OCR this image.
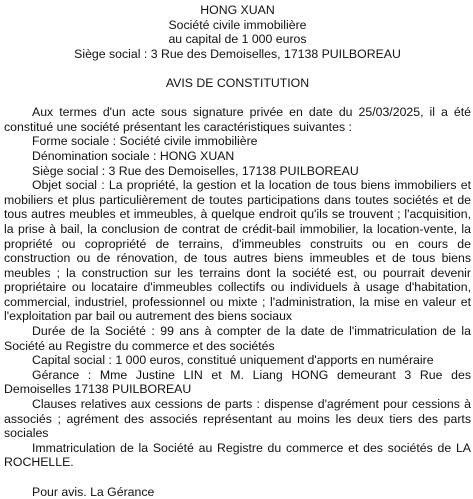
HONG XUAN

Société civile immobilière

au capital de 1 000 euros

Siège social : 3 Rue des Demoiselles, 17138 PUILBOREAU

AVIS DE CONSTITUTION

Aux termes d'un acte sous signature privée en date du 25/03/2025, il a été constitué une société présentant les caractéristiques suivantes :

Forme sociale : Société civile immobilière

Dénomination sociale : HONG XUAN

Siège social : 3 Rue des Demoiselles, 17138 PUILBOREAU

Objet social : La propriété, la gestion et la location de tous biens immobiliers et mobiliers et plus particulièrement de toutes participations dans toutes sociétés et de tous autres meubles et immeubles, à quelque endroit qu'ils se trouvent ; l'acquisition, la prise à bail, la conclusion de contrat de crédit-bail immobilier, la location-vente, la propriété ou copropriété de terrains, d'immeubles construits ou en cours de construction ou de rénovation, de tous autres biens immeubles et de tous biens meubles ; la construction sur les terrains dont la société est, ou pourrait devenir propriétaire ou locataire d'immeubles collectifs ou individuels à usage d'habitation, commercial, industriel, professionnel ou mixte ; l'administration, la mise en valeur et l'exploitation par bail ou autrement des biens sociaux

Durée de la Société : 99 ans à compter de la date de l'immatriculation de la Société au Registre du commerce et des sociétés

Capital social : 1 000 euros, constitué uniquement d'apports en numéraire

Gérance : Mme Justine LIN et M. Liang HONG demeurant 3 Rue des Demoiselles 17138 PUILBOREAU

Clauses relatives aux cessions de parts : dispense d'agrément pour cessions à associés ; agrément des associés représentant au moins les deux tiers des parts sociales

Immatriculation de la Société au Registre du commerce et des sociétés de LA ROCHELLE.

Pour avis. La Gérance
